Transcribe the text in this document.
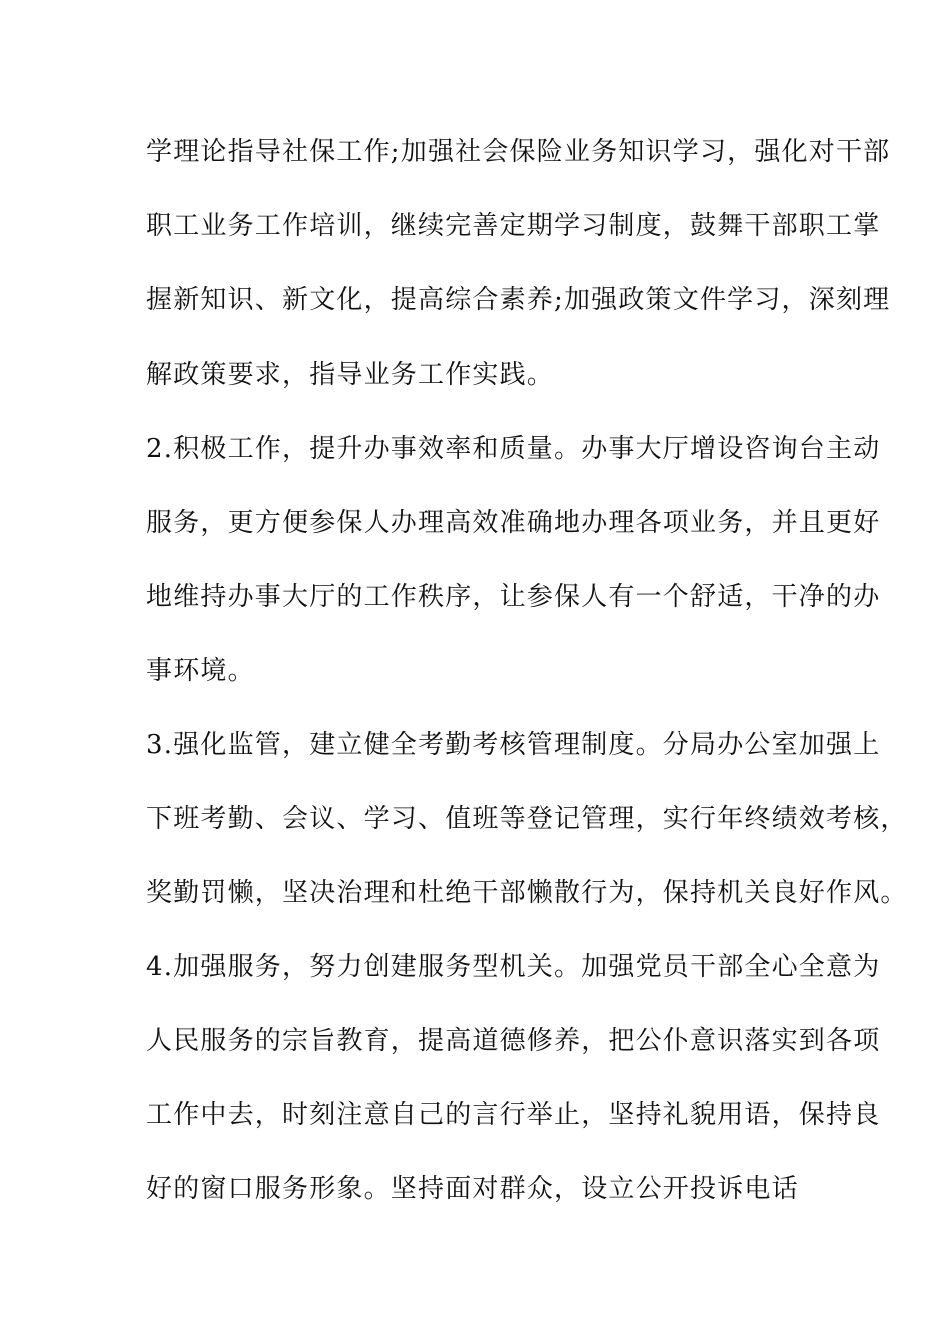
学理论指导社保工作;加强社会保险业务知识学习，强化对干部
职工业务工作培训，继续完善定期学习制度，鼓舞干部职工掌
握新知识、新文化，提高综合素养;加强政策文件学习，深刻理
解政策要求，指导业务工作实践。
2.积极工作，提升办事效率和质量。办事大厅增设咨询台主动
服务，更方便参保人办理高效准确地办理各项业务，并且更好
地维持办事大厅的工作秩序，让参保人有一个舒适，干净的办
事环境。
3.强化监管，建立健全考勤考核管理制度。分局办公室加强上
下班考勤、会议、学习、值班等登记管理，实行年终绩效考核，
奖勤罚懒，坚决治理和杜绝干部懒散行为，保持机关良好作风。
4.加强服务，努力创建服务型机关。加强党员干部全心全意为
人民服务的宗旨教育，提高道德修养，把公仆意识落实到各项
工作中去，时刻注意自己的言行举止，坚持礼貌用语，保持良
好的窗口服务形象。坚持面对群众，设立公开投诉电话
